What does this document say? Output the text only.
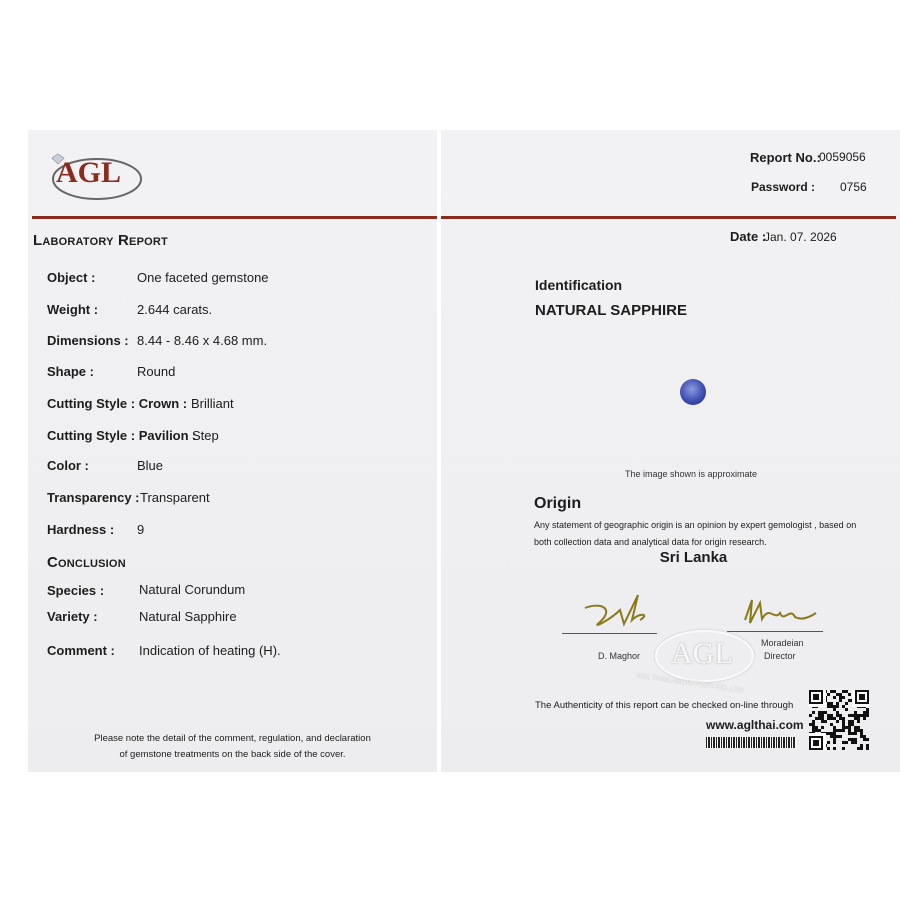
AGL
Laboratory Report
Object :	One faceted gemstone
Weight :	2.644 carats.
Dimensions : 8.44 - 8.46 x 4.68 mm.
Shape :	Round
Cutting Style : Crown : Brilliant
Cutting Style : Pavilion :
Step
Color :	Blue
Transparency : Transparent
Hardness : 9
Conclusion
Species :	Natural Corundum
Variety :	Natural Sapphire
Comment : Indication of heating (H).
Please note the detail of the comment, regulation, and declaration
of gemstone treatments on the back side of the cover.
Report No.:
0059056
Password : 0756
Date :
Jan. 07. 2026
Identification
NATURAL SAPPHIRE
The image shown is approximate
Origin
Any statement of geographic origin is an opinion by expert gemologist , based on
both collection data and analytical data for origin research.
Sri Lanka
D. Maghor
Moradeian
Director
AGL
AGL THAILABORATORY CO.,LTD
The Authenticity of this report can be checked on-line through
www.aglthai.com
